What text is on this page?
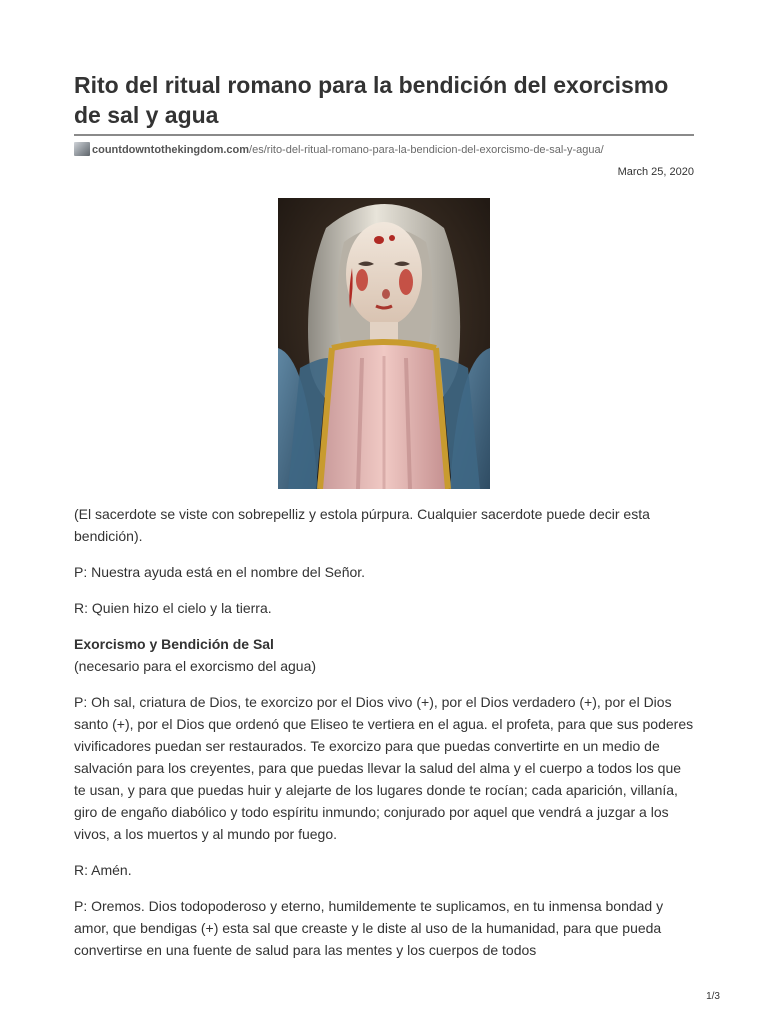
Rito del ritual romano para la bendición del exorcismo de sal y agua
countdowntothekingdom.com/es/rito-del-ritual-romano-para-la-bendicion-del-exorcismo-de-sal-y-agua/
March 25, 2020

(El sacerdote se viste con sobrepelliz y estola púrpura. Cualquier sacerdote puede decir esta bendición).

P: Nuestra ayuda está en el nombre del Señor.

R: Quien hizo el cielo y la tierra.

Exorcismo y Bendición de Sal

(necesario para el exorcismo del agua)

P: Oh sal, criatura de Dios, te exorcizo por el Dios vivo (+), por el Dios verdadero (+), por el Dios santo (+), por el Dios que ordenó que Eliseo te vertiera en el agua. el profeta, para que sus poderes vivificadores puedan ser restaurados. Te exorcizo para que puedas convertirte en un medio de salvación para los creyentes, para que puedas llevar la salud del alma y el cuerpo a todos los que te usan, y para que puedas huir y alejarte de los lugares donde te rocían; cada aparición, villanía, giro de engaño diabólico y todo espíritu inmundo; conjurado por aquel que vendrá a juzgar a los vivos, a los muertos y al mundo por fuego.

R: Amén.

P: Oremos. Dios todopoderoso y eterno, humildemente te suplicamos, en tu inmensa bondad y amor, que bendigas (+) esta sal que creaste y le diste al uso de la humanidad, para que pueda convertirse en una fuente de salud para las mentes y los cuerpos de todos

1/3
